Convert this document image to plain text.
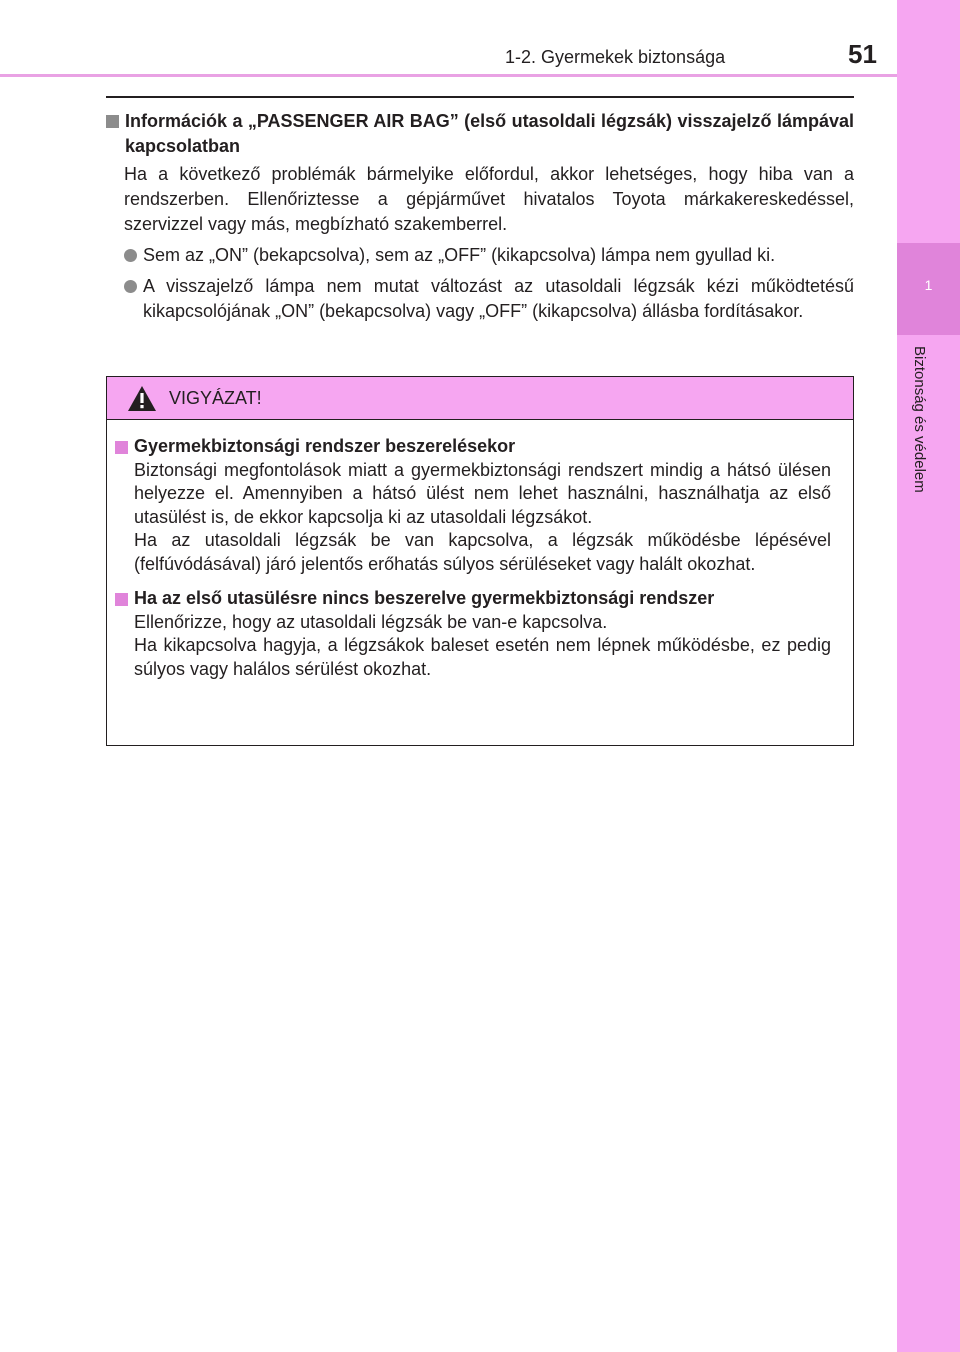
1-2. Gyermekek biztonsága	51
1
Biztonság és védelem
Információk a „PASSENGER AIR BAG” (első utasoldali légzsák) visszajelző lámpával kapcsolatban
Ha a következő problémák bármelyike előfordul, akkor lehetséges, hogy hiba van a rendszerben. Ellenőriztesse a gépjárművet hivatalos Toyota márkakereskedéssel, szervizzel vagy más, megbízható szakemberrel.
Sem az „ON” (bekapcsolva), sem az „OFF” (kikapcsolva) lámpa nem gyullad ki.
A visszajelző lámpa nem mutat változást az utasoldali légzsák kézi működtetésű kikapcsolójának „ON” (bekapcsolva) vagy „OFF” (kikapcsolva) állásba fordításakor.
VIGYÁZAT!
Gyermekbiztonsági rendszer beszerelésekor
Biztonsági megfontolások miatt a gyermekbiztonsági rendszert mindig a hátsó ülésen helyezze el. Amennyiben a hátsó ülést nem lehet használni, használhatja az első utasülést is, de ekkor kapcsolja ki az utasoldali légzsákot.
Ha az utasoldali légzsák be van kapcsolva, a légzsák működésbe lépésével (felfúvódásával) járó jelentős erőhatás súlyos sérüléseket vagy halált okozhat.
Ha az első utasülésre nincs beszerelve gyermekbiztonsági rendszer
Ellenőrizze, hogy az utasoldali légzsák be van-e kapcsolva.
Ha kikapcsolva hagyja, a légzsákok baleset esetén nem lépnek működésbe, ez pedig súlyos vagy halálos sérülést okozhat.
